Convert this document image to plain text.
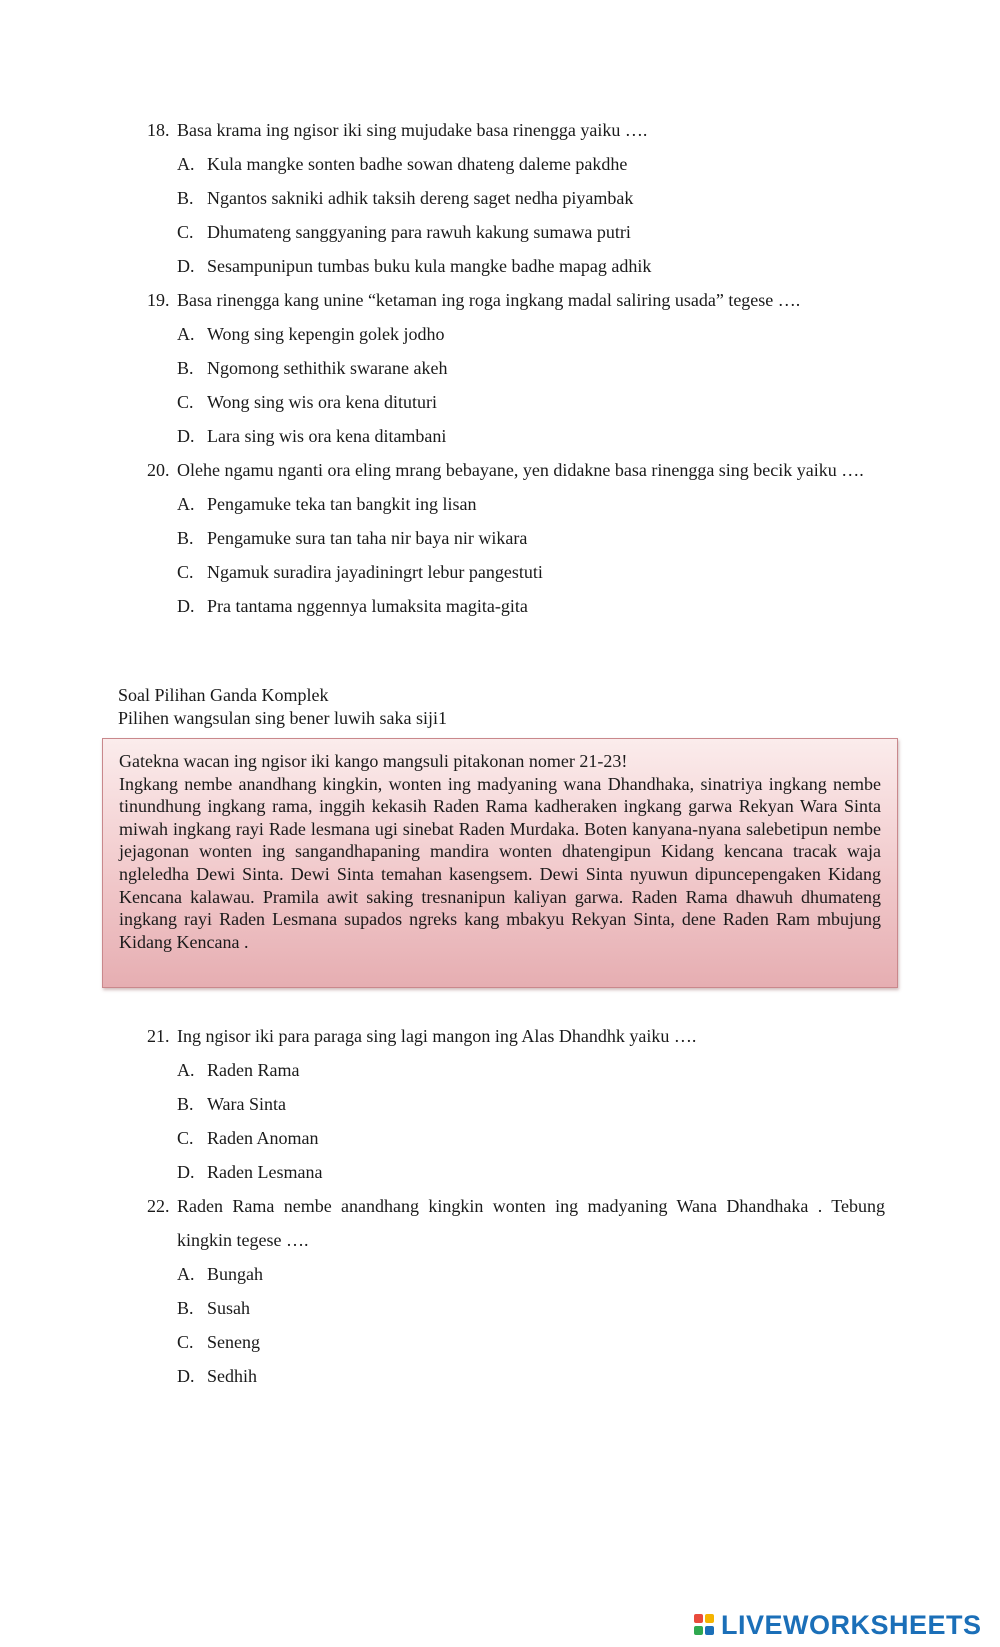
18. Basa krama ing ngisor iki sing mujudake basa rinengga yaiku ….
A. Kula mangke sonten badhe sowan dhateng daleme pakdhe
B. Ngantos sakniki adhik taksih dereng saget nedha piyambak
C. Dhumateng sanggyaning para rawuh kakung sumawa putri
D. Sesampunipun tumbas buku kula mangke badhe mapag adhik
19. Basa rinengga kang unine “ketaman ing roga ingkang madal saliring usada” tegese ….
A. Wong sing kepengin golek jodho
B. Ngomong sethithik swarane akeh
C. Wong sing wis ora kena dituturi
D. Lara sing wis ora kena ditambani
20. Olehe ngamu nganti ora eling mrang bebayane, yen didakne basa rinengga sing becik yaiku ….
A. Pengamuke teka tan bangkit ing lisan
B. Pengamuke sura tan taha nir baya nir wikara
C. Ngamuk suradira jayadiningrt lebur pangestuti
D. Pra tantama nggennya lumaksita magita-gita
Soal Pilihan Ganda Komplek
Pilihen wangsulan sing bener luwih saka siji1
Gatekna wacan ing ngisor iki kango mangsuli pitakonan nomer 21-23!
Ingkang nembe anandhang kingkin, wonten ing madyaning wana Dhandhaka, sinatriya ingkang nembe tinundhung ingkang rama, inggih kekasih Raden Rama kadheraken ingkang garwa Rekyan Wara Sinta miwah ingkang rayi Rade lesmana ugi sinebat Raden Murdaka. Boten kanyana-nyana salebetipun nembe jejagonan wonten ing sangandhapaning mandira wonten dhatengipun Kidang kencana tracak waja ngleledha Dewi Sinta. Dewi Sinta temahan kasengsem. Dewi Sinta nyuwun dipuncepengaken Kidang Kencana kalawau. Pramila awit saking tresnanipun kaliyan garwa. Raden Rama dhawuh dhumateng ingkang rayi Raden Lesmana supados ngreks kang mbakyu Rekyan Sinta, dene Raden Ram mbujung Kidang Kencana .
21. Ing ngisor iki para paraga sing lagi mangon ing Alas Dhandhk yaiku ….
A. Raden Rama
B. Wara Sinta
C. Raden Anoman
D. Raden Lesmana
22. Raden Rama nembe anandhang kingkin wonten ing madyaning Wana Dhandhaka . Tebung kingkin tegese ….
A. Bungah
B. Susah
C. Seneng
D. Sedhih
LIVEWORKSHEETS
